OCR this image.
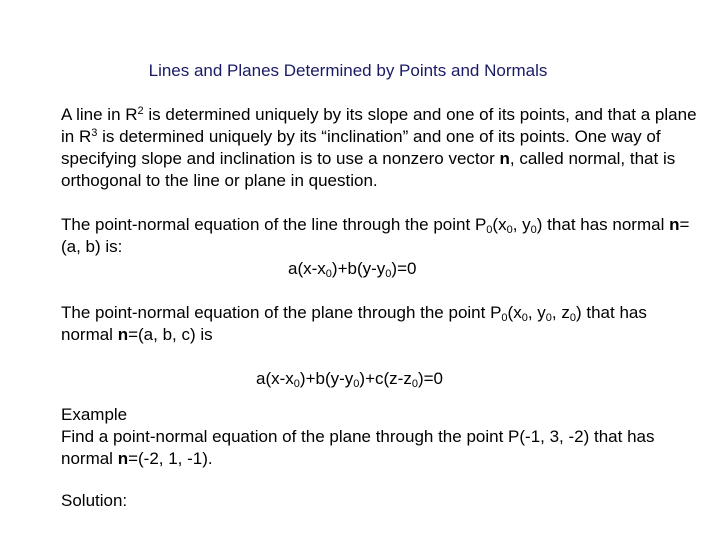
Lines and Planes Determined by Points and Normals
A line in $R^2$ is determined uniquely by its slope and one of its points, and that a plane in $R^3$ is determined uniquely by its “inclination” and one of its points. One way of specifying slope and inclination is to use a nonzero vector n, called normal, that is orthogonal to the line or plane in question.
The point-normal equation of the line through the point $P_0(x_0$, $y_0$) that has normal n=(a, b) is:
$a(x-x_0)+b(y-y_0)=0$
The point-normal equation of the plane through the point $P_0(x_0$, $y_0$, $z_0$) that has normal n=(a, b, c) is
$a(x-x_0)+b(y-y_0)+c(z-z_0)=0$
Example
Find a point-normal equation of the plane through the point P(-1, 3, -2) that has normal n=(-2, 1, -1).
Solution:
